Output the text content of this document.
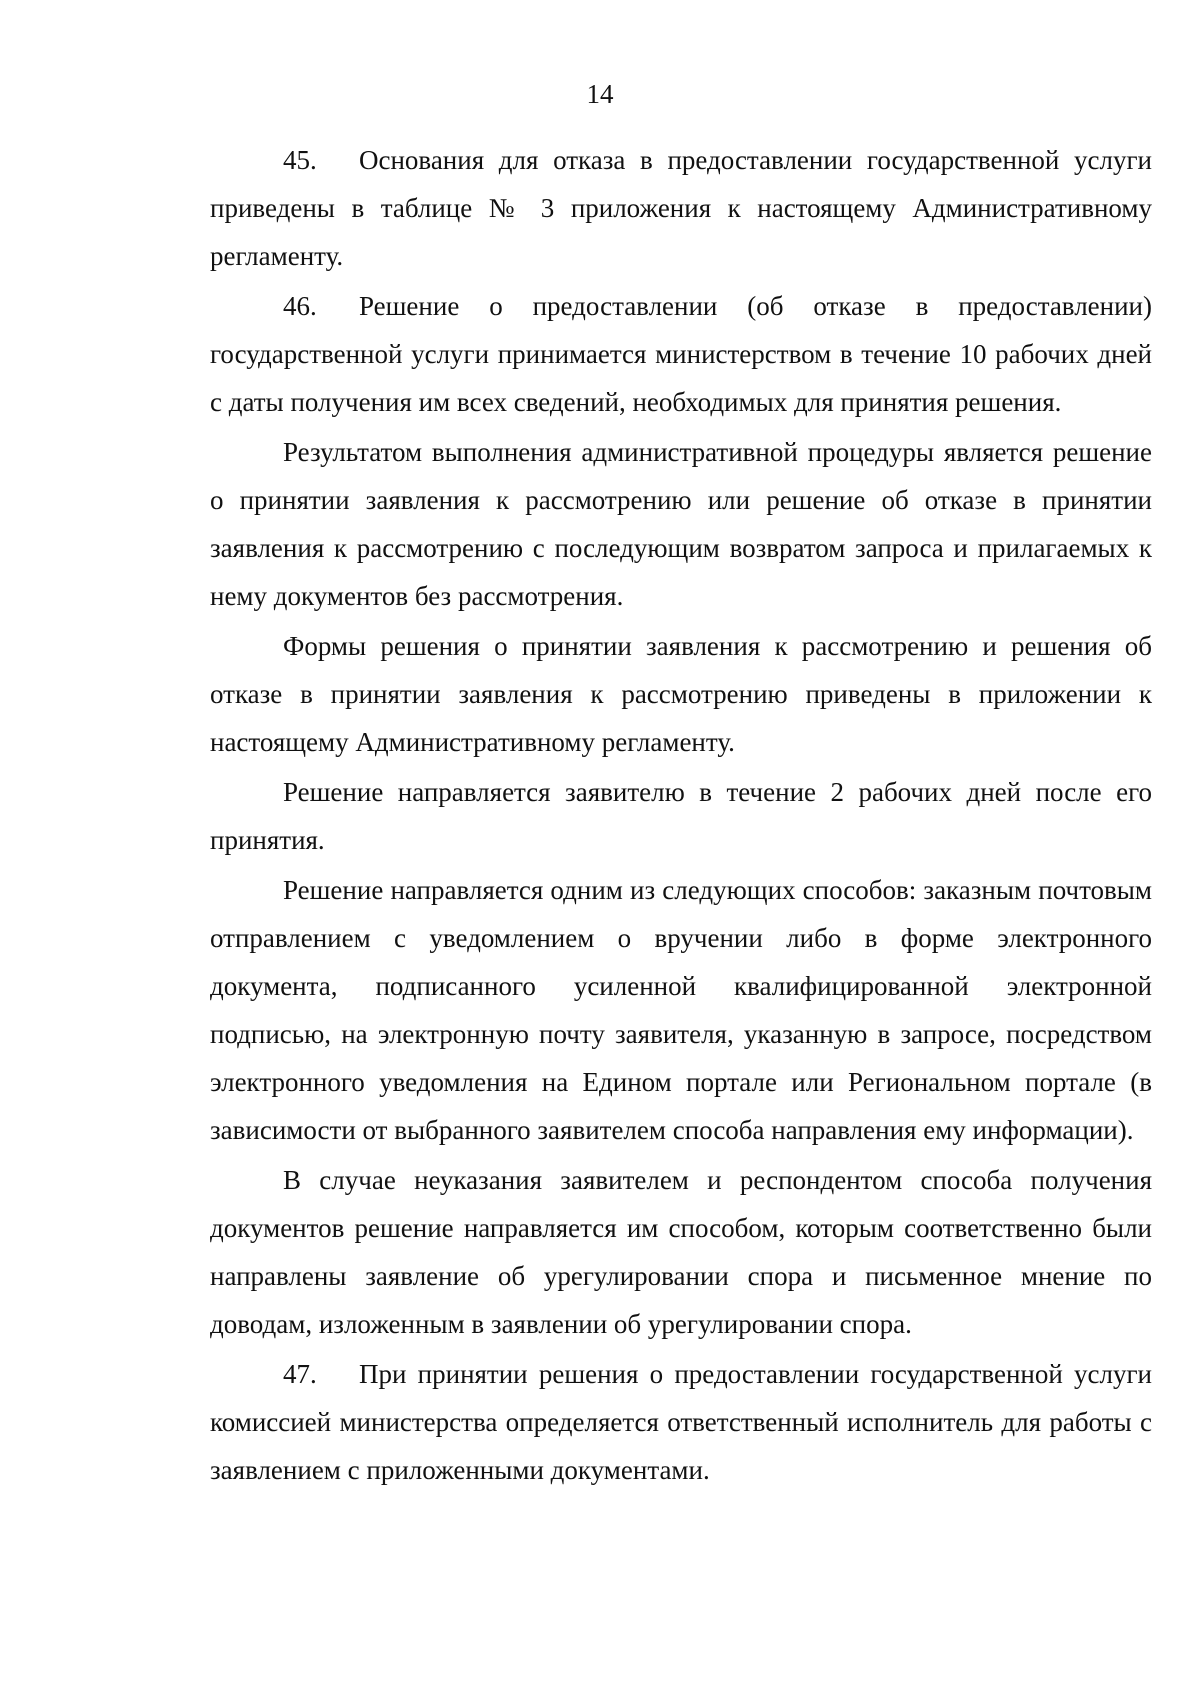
14

45. Основания для отказа в предоставлении государственной услуги приведены в таблице № 3 приложения к настоящему Административному регламенту.

46. Решение о предоставлении (об отказе в предоставлении) государственной услуги принимается министерством в течение 10 рабочих дней с даты получения им всех сведений, необходимых для принятия решения.

Результатом выполнения административной процедуры является решение о принятии заявления к рассмотрению или решение об отказе в принятии заявления к рассмотрению с последующим возвратом запроса и прилагаемых к нему документов без рассмотрения.

Формы решения о принятии заявления к рассмотрению и решения об отказе в принятии заявления к рассмотрению приведены в приложении к настоящему Административному регламенту.

Решение направляется заявителю в течение 2 рабочих дней после его принятия.

Решение направляется одним из следующих способов: заказным почтовым отправлением с уведомлением о вручении либо в форме электронного документа, подписанного усиленной квалифицированной электронной подписью, на электронную почту заявителя, указанную в запросе, посредством электронного уведомления на Едином портале или Региональном портале (в зависимости от выбранного заявителем способа направления ему информации).

В случае неуказания заявителем и респондентом способа получения документов решение направляется им способом, которым соответственно были направлены заявление об урегулировании спора и письменное мнение по доводам, изложенным в заявлении об урегулировании спора.

47. При принятии решения о предоставлении государственной услуги комиссией министерства определяется ответственный исполнитель для работы с заявлением с приложенными документами.
